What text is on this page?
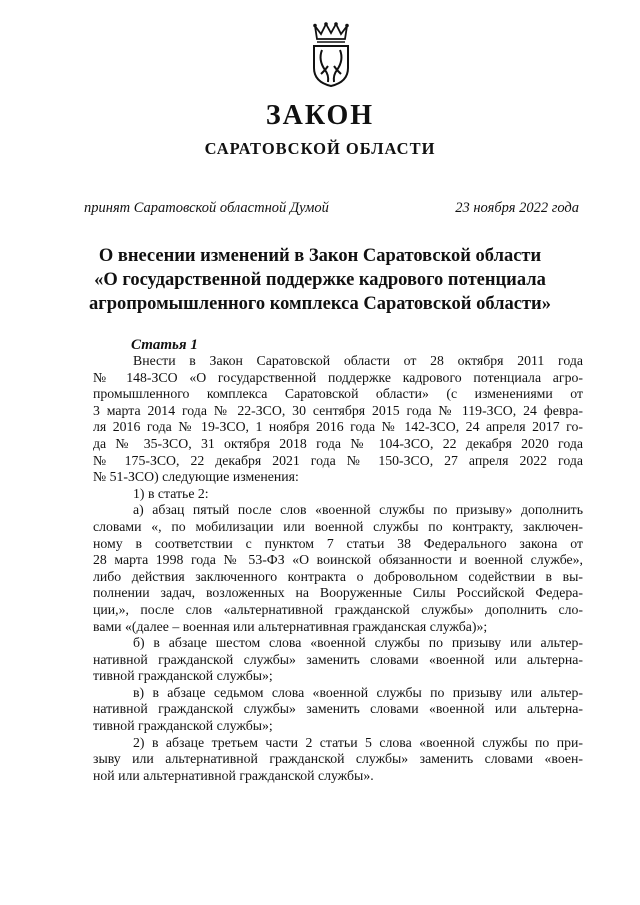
ЗАКОН
САРАТОВСКОЙ ОБЛАСТИ
принят Саратовской областной Думой	23 ноября 2022 года
О внесении изменений в Закон Саратовской области
«О государственной поддержке кадрового потенциала
агропромышленного комплекса Саратовской области»
Статья 1
Внести в Закон Саратовской области от 28 октября 2011 года
№ 148-ЗСО «О государственной поддержке кадрового потенциала агро-
промышленного комплекса Саратовской области» (с изменениями от
3 марта 2014 года № 22-ЗСО, 30 сентября 2015 года № 119-ЗСО, 24 февра-
ля 2016 года № 19-ЗСО, 1 ноября 2016 года № 142-ЗСО, 24 апреля 2017 го-
да № 35-ЗСО, 31 октября 2018 года № 104-ЗСО, 22 декабря 2020 года
№ 175-ЗСО, 22 декабря 2021 года № 150-ЗСО, 27 апреля 2022 года
№ 51-ЗСО) следующие изменения:
1) в статье 2:
а) абзац пятый после слов «военной службы по призыву» дополнить
словами «, по мобилизации или военной службы по контракту, заключен-
ному в соответствии с пунктом 7 статьи 38 Федерального закона от
28 марта 1998 года № 53-ФЗ «О воинской обязанности и военной службе»,
либо действия заключенного контракта о добровольном содействии в вы-
полнении задач, возложенных на Вооруженные Силы Российской Федера-
ции,», после слов «альтернативной гражданской службы» дополнить сло-
вами «(далее – военная или альтернативная гражданская служба)»;
б) в абзаце шестом слова «военной службы по призыву или альтер-
нативной гражданской службы» заменить словами «военной или альтерна-
тивной гражданской службы»;
в) в абзаце седьмом слова «военной службы по призыву или альтер-
нативной гражданской службы» заменить словами «военной или альтерна-
тивной гражданской службы»;
2) в абзаце третьем части 2 статьи 5 слова «военной службы по при-
зыву или альтернативной гражданской службы» заменить словами «воен-
ной или альтернативной гражданской службы».
